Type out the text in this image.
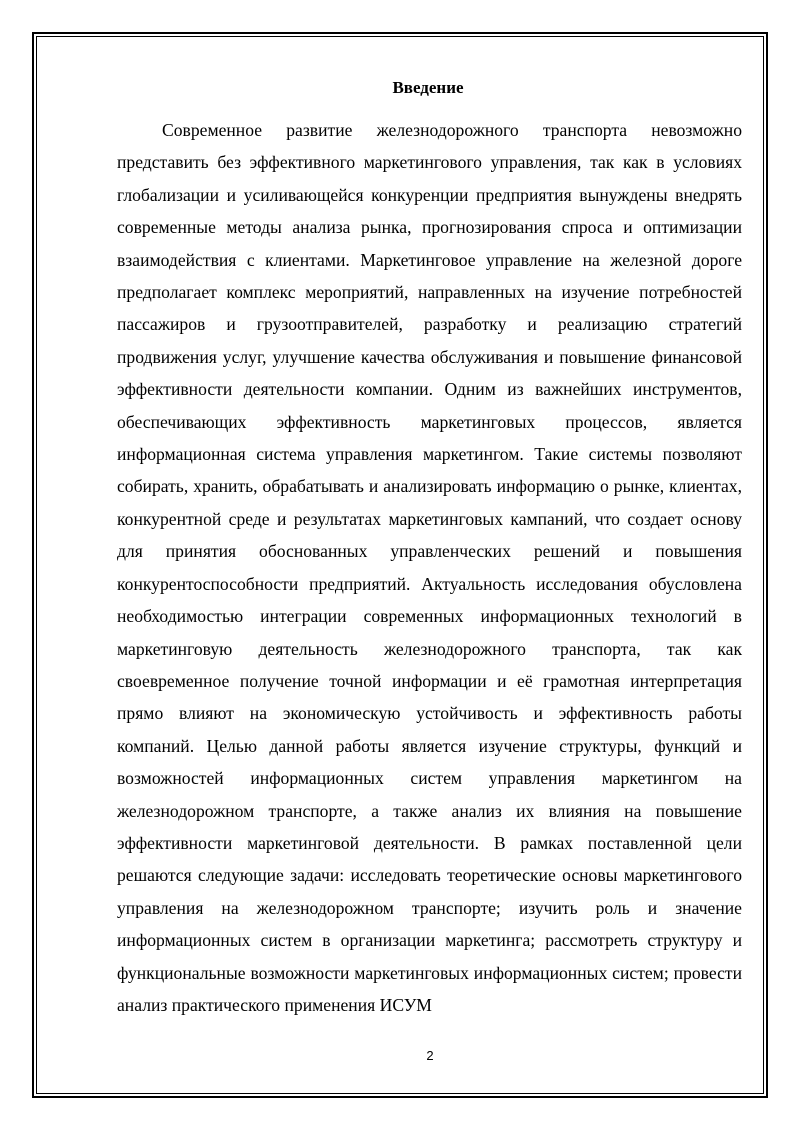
Введение

Современное развитие железнодорожного транспорта невозможно представить без эффективного маркетингового управления, так как в условиях глобализации и усиливающейся конкуренции предприятия вынуждены внедрять современные методы анализа рынка, прогнозирования спроса и оптимизации взаимодействия с клиентами. Маркетинговое управление на железной дороге предполагает комплекс мероприятий, направленных на изучение потребностей пассажиров и грузоотправителей, разработку и реализацию стратегий продвижения услуг, улучшение качества обслуживания и повышение финансовой эффективности деятельности компании. Одним из важнейших инструментов, обеспечивающих эффективность маркетинговых процессов, является информационная система управления маркетингом. Такие системы позволяют собирать, хранить, обрабатывать и анализировать информацию о рынке, клиентах, конкурентной среде и результатах маркетинговых кампаний, что создает основу для принятия обоснованных управленческих решений и повышения конкурентоспособности предприятий. Актуальность исследования обусловлена необходимостью интеграции современных информационных технологий в маркетинговую деятельность железнодорожного транспорта, так как своевременное получение точной информации и её грамотная интерпретация прямо влияют на экономическую устойчивость и эффективность работы компаний. Целью данной работы является изучение структуры, функций и возможностей информационных систем управления маркетингом на железнодорожном транспорте, а также анализ их влияния на повышение эффективности маркетинговой деятельности. В рамках поставленной цели решаются следующие задачи: исследовать теоретические основы маркетингового управления на железнодорожном транспорте; изучить роль и значение информационных систем в организации маркетинга; рассмотреть структуру и функциональные возможности маркетинговых информационных систем; провести анализ практического применения ИСУМ

2
